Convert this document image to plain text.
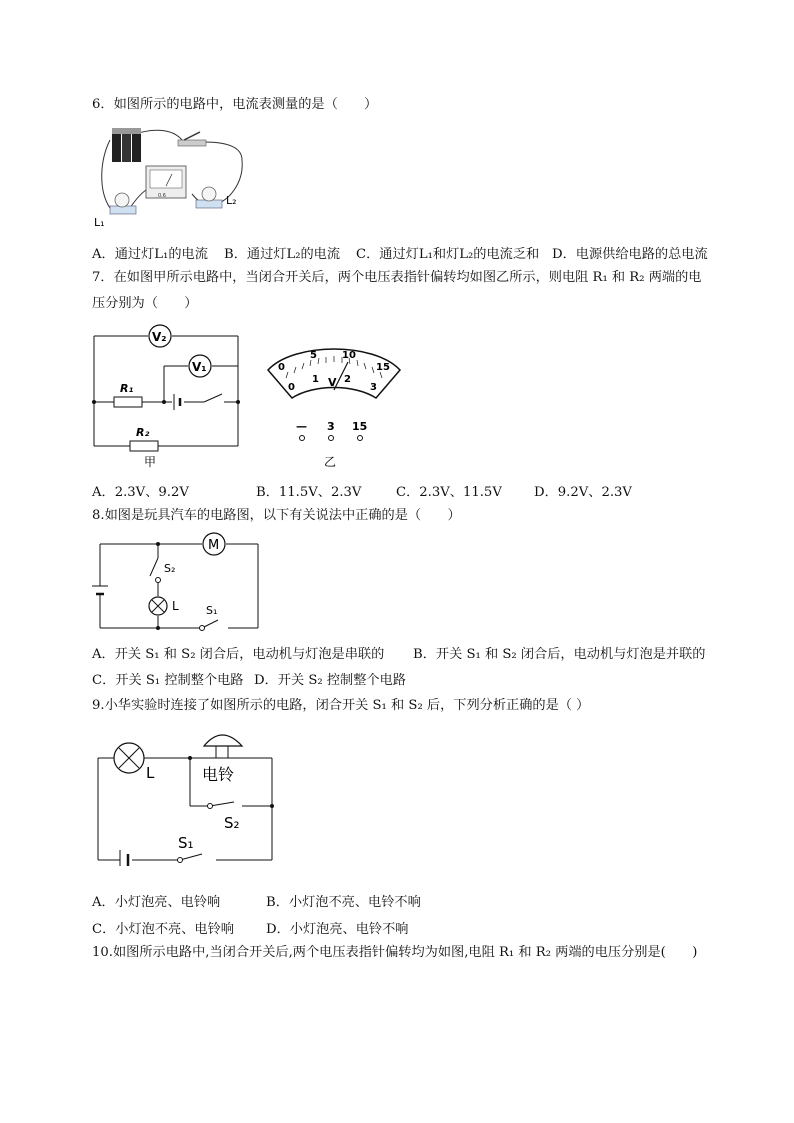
6．如图所示的电路中，电流表测量的是（　　）
0.6
L₁
L₂
A．通过灯L₁的电流 B．通过灯L₂的电流 C．通过灯L₁和灯L₂的电流乏和 D．电源供给电路的总电流
7．在如图甲所示电路中，当闭合开关后，两个电压表指针偏转均如图乙所示，则电阻 R₁ 和 R₂ 两端的电
压分别为（　　）
V₂
V₁
R₁
R₂
甲
0
5	10
15
0
1	2
3
V
— 3 15
乙
A．2.3V、9.2V	B．11.5V、2.3V	C．2.3V、11.5V D．9.2V、2.3V
8.如图是玩具汽车的电路图，以下有关说法中正确的是（　　）
M
S₂
L S₁
A．开关 S₁ 和 S₂ 闭合后，电动机与灯泡是串联的 B．开关 S₁ 和 S₂ 闭合后，电动机与灯泡是并联的
C．开关 S₁ 控制整个电路 D．开关 S₂ 控制整个电路
9.小华实验时连接了如图所示的电路，闭合开关 S₁ 和 S₂ 后，下列分析正确的是（ ）
L	电铃
S₂
S₁
A．小灯泡亮、电铃响	B．小灯泡不亮、电铃不响
C．小灯泡不亮、电铃响 D．小灯泡亮、电铃不响
10.如图所示电路中,当闭合开关后,两个电压表指针偏转均为如图,电阻 R₁ 和 R₂ 两端的电压分别是(　　)
